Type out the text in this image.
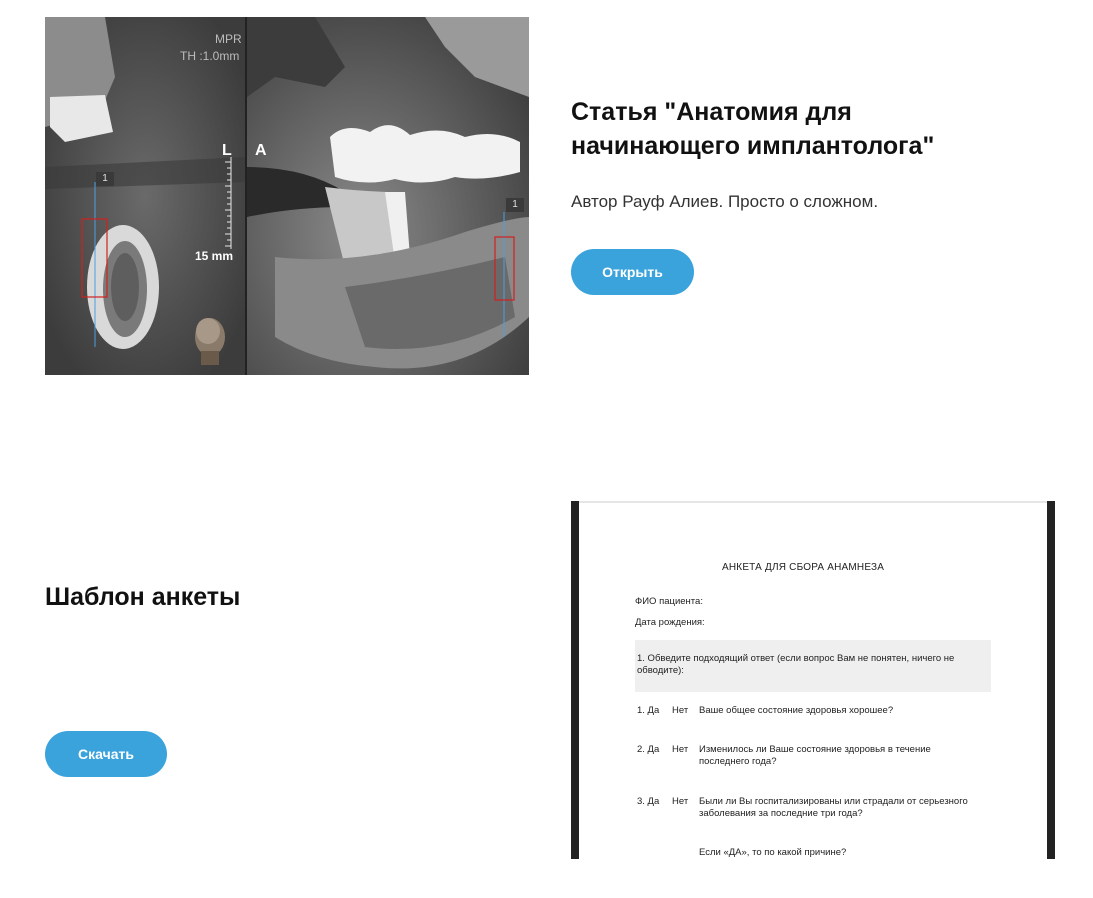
MPR
TH :1.0mm
L A
15 mm
1
1
Статья "Анатомия для начинающего имплантолога"
Автор Рауф Алиев. Просто о сложном.
Открыть
Шаблон анкеты
Скачать
АНКЕТА ДЛЯ СБОРА АНАМНЕЗА
ФИО пациента:
Дата рождения:
1. Обведите подходящий ответ (если вопрос Вам не понятен, ничего не обводите):
1. Да Нет Ваше общее состояние здоровья хорошее?
2. Да Нет Изменилось ли Ваше состояние здоровья в течение последнего года?
3. Да Нет Были ли Вы госпитализированы или страдали от серьезного заболевания за последние три года?
Если «ДА», то по какой причине?
